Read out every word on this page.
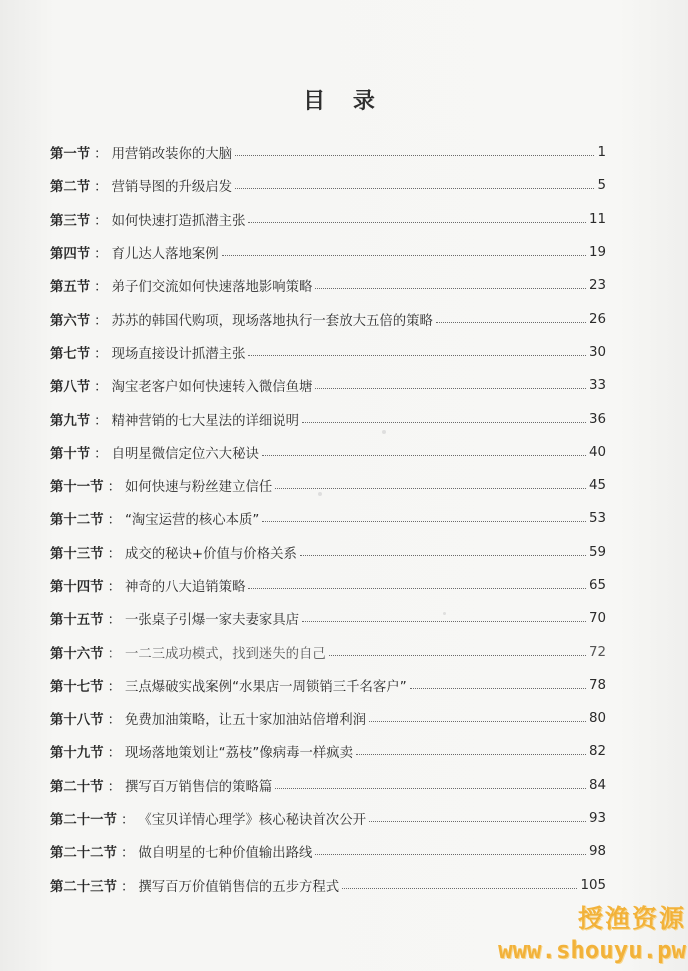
目 录
第一节 ： 用营销改装你的大脑	1
第二节 ： 营销导图的升级启发	5
第三节 ： 如何快速打造抓潜主张	11
第四节 ： 育儿达人落地案例	19
第五节 ： 弟子们交流如何快速落地影响策略	23
第六节 ： 苏苏的韩国代购项，现场落地执行一套放大五倍的策略	26
第七节 ： 现场直接设计抓潜主张	30
第八节 ： 淘宝老客户如何快速转入微信鱼塘	33
第九节 ： 精神营销的七大星法的详细说明	36
第十节 ： 自明星微信定位六大秘诀	40
第十一节 ： 如何快速与粉丝建立信任	45
第十二节 ： “淘宝运营的核心本质”	53
第十三节 ： 成交的秘诀+价值与价格关系	59
第十四节 ： 神奇的八大追销策略	65
第十五节 ： 一张桌子引爆一家夫妻家具店	70
第十六节 ： 一二三成功模式，找到迷失的自己	72
第十七节 ： 三点爆破实战案例“水果店一周锁销三千名客户”	78
第十八节 ： 免费加油策略，让五十家加油站倍增利润	80
第十九节 ： 现场落地策划让“荔枝”像病毒一样疯卖	82
第二十节 ： 撰写百万销售信的策略篇	84
第二十一节 ： 《宝贝详情心理学》核心秘诀首次公开	93
第二十二节 ： 做自明星的七种价值输出路线	98
第二十三节 ： 撰写百万价值销售信的五步方程式	105
授渔资源
www.shouyu.pw
